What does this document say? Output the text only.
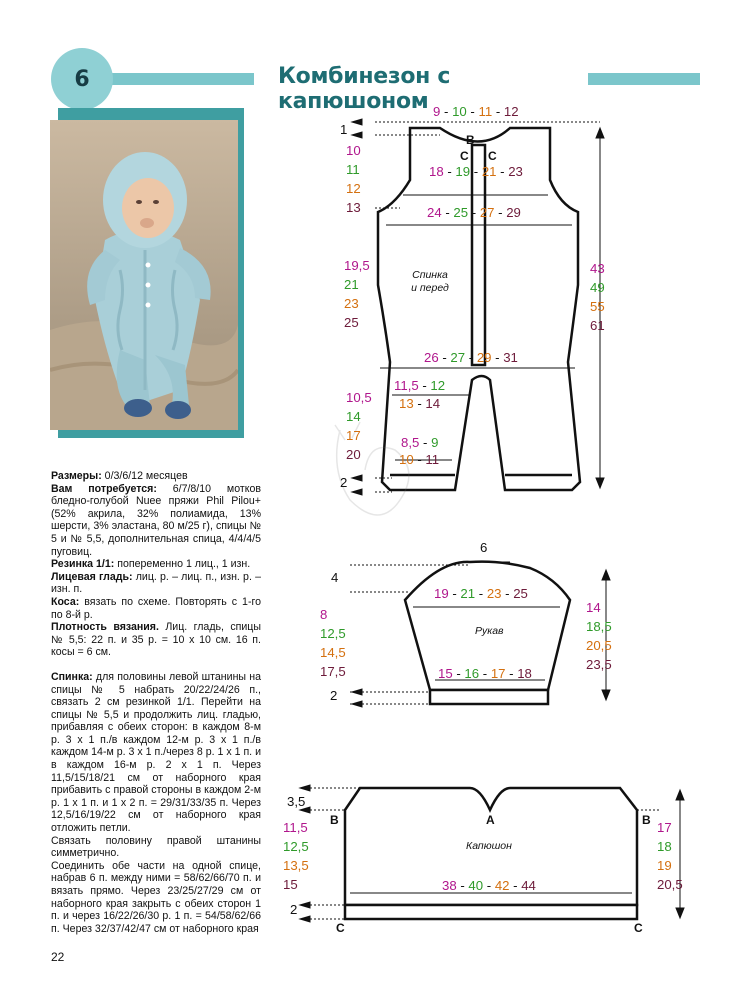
6	Комбинезон с капюшоном

Размеры: 0/3/6/12 месяцев

Вам потребуется: 6/7/8/10 мотков бледно-голубой Nuee пряжи Phil Pilou+ (52% акрила, 32% полиамида, 13% шерсти, 3% эластана, 80 м/25 г), спицы № 5 и № 5,5, дополнительная спица, 4/4/4/5 пуговиц.

Резинка 1/1: попеременно 1 лиц., 1 изн.

Лицевая гладь: лиц. р. – лиц. п., изн. р. – изн. п.

Коса: вязать по схеме. Повторять с 1-го по 8-й р.

Плотность вязания. Лиц. гладь, спицы № 5,5: 22 п. и 35 р. = 10 х 10 см. 16 п. косы = 6 см.

Спинка: для половины левой штанины на спицы № 5 набрать 20/22/24/26 п., связать 2 см резинкой 1/1. Перейти на спицы № 5,5 и продолжить лиц. гладью, прибавляя с обеих сторон: в каждом 8-м р. 3 х 1 п./в каждом 12-м р. 3 х 1 п./в каждом 14-м р. 3 х 1 п./через 8 р. 1 х 1 п. и в каждом 16-м р. 2 х 1 п. Через 11,5/15/18/21 см от наборного края прибавить с правой стороны в каждом 2-м р. 1 х 1 п. и 1 х 2 п. = 29/31/33/35 п. Через 12,5/16/19/22 см от наборного края отложить петли.

Связать половину правой штанины симметрично.

Соединить обе части на одной спице, набрав 6 п. между ними = 58/62/66/70 п. и вязать прямо. Через 23/25/27/29 см от наборного края закрыть с обеих сторон 1 п. и через 16/22/26/30 р. 1 п. = 54/58/62/66 п. Через 32/37/42/47 см от наборного края

22
9 - 10 - 11 - 12
B
C C
18 - 19 - 21 - 23
24 - 25 - 27 - 29
Спинка
и перед
26 - 27 - 29 - 31
11,5 - 12
13 - 14
8,5 - 9
10 - 11
1
10
11
12
13
19,5
21
23
25
10,5
14
17
20
2
43
49
55
61
6
4
19 - 21 - 23 - 25
Рукав
8
12,5
14,5
17,5	15 - 16 - 17 - 18
2
14
18,5
20,5
23,5
3,5
B	A	B
Капюшон
11,5
12,5
13,5
15	38 - 40 - 42 - 44
17
18
19
20,5
2
C	C
